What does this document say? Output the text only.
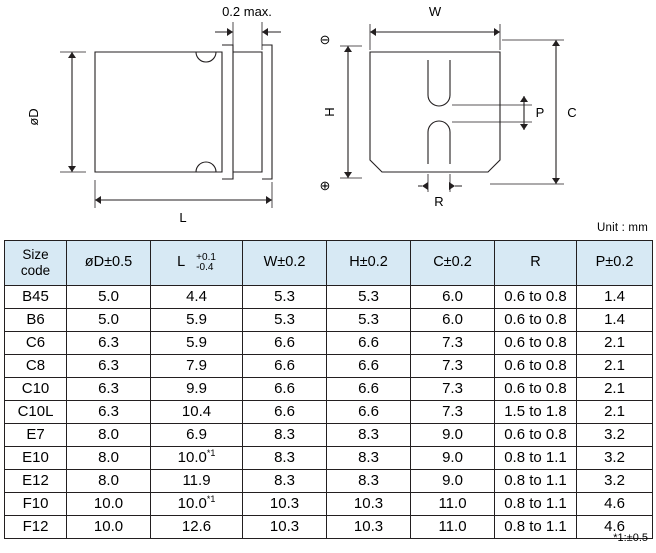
øD
L
0.2 max.	W
H	C
P
R
⊖
⊕
Unit : mm
Size
code
	øD±0.5	L +0.1
-0.4	W±0.2	H±0.2	C±0.2	R	P±0.2
B45	5.0	4.4	5.3	5.3	6.0	0.6 to 0.8	1.4
B6	5.0	5.9	5.3	5.3	6.0	0.6 to 0.8	1.4
C6	6.3	5.9	6.6	6.6	7.3	0.6 to 0.8	2.1
C8	6.3	7.9	6.6	6.6	7.3	0.6 to 0.8	2.1
C10	6.3	9.9	6.6	6.6	7.3	0.6 to 0.8	2.1
C10L	6.3	10.4	6.6	6.6	7.3	1.5 to 1.8	2.1
E7	8.0	6.9	8.3	8.3	9.0	0.6 to 0.8	3.2
E10	8.0	10.0$^{*1}$	8.3	8.3	9.0	0.8 to 1.1	3.2
E12	8.0	11.9	8.3	8.3	9.0	0.8 to 1.1	3.2
F10	10.0	10.0$^{*1}$	10.3	10.3	11.0	0.8 to 1.1	4.6
F12	10.0	12.6	10.3	10.3	11.0	0.8 to 1.1	4.6
*1:±0.5
